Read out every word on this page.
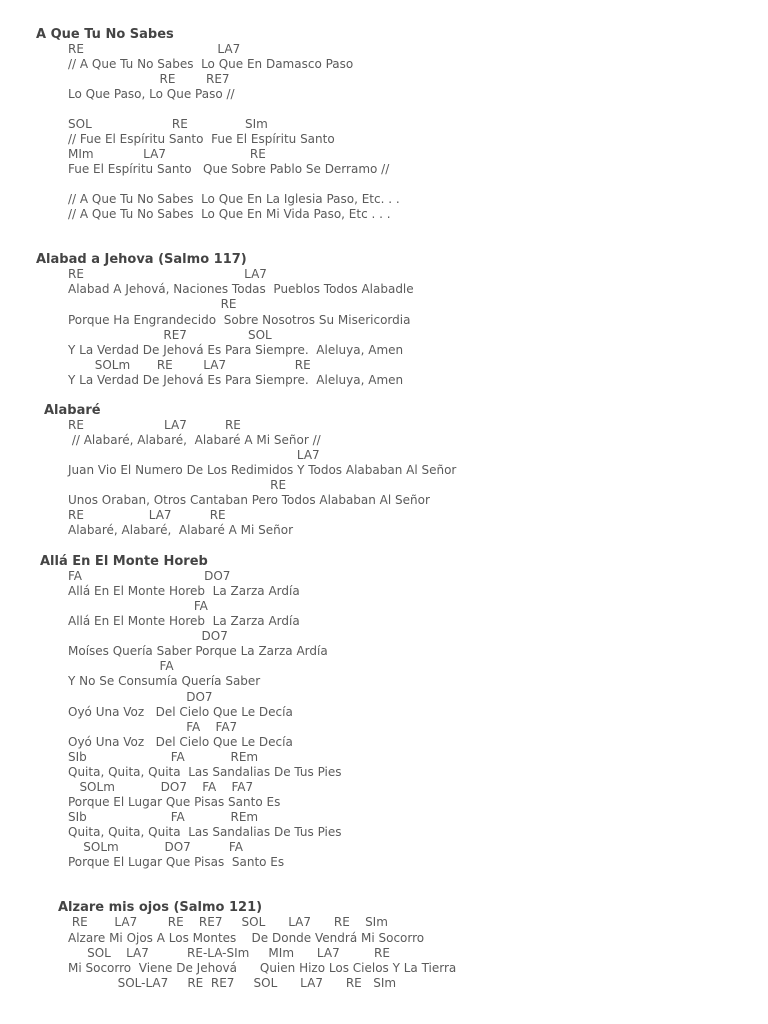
A Que Tu No Sabes
RE                                   LA7
// A Que Tu No Sabes  Lo Que En Damasco Paso
RE        RE7
Lo Que Paso, Lo Que Paso //
SOL                     RE               SIm
// Fue El Espíritu Santo  Fue El Espíritu Santo
MIm             LA7                      RE
Fue El Espíritu Santo   Que Sobre Pablo Se Derramo //
// A Que Tu No Sabes  Lo Que En La Iglesia Paso, Etc. . .
// A Que Tu No Sabes  Lo Que En Mi Vida Paso, Etc . . .
Alabad a Jehova (Salmo 117)
RE                                          LA7
Alabad A Jehová, Naciones Todas  Pueblos Todos Alabadle
RE
Porque Ha Engrandecido  Sobre Nosotros Su Misericordia
RE7                SOL
Y La Verdad De Jehová Es Para Siempre.  Aleluya, Amen
SOLm       RE        LA7                  RE
Y La Verdad De Jehová Es Para Siempre.  Aleluya, Amen
Alabaré
RE                     LA7          RE
// Alabaré, Alabaré,  Alabaré A Mi Señor //
LA7
Juan Vio El Numero De Los Redimidos Y Todos Alababan Al Señor
RE
Unos Oraban, Otros Cantaban Pero Todos Alababan Al Señor
RE                 LA7          RE
Alabaré, Alabaré,  Alabaré A Mi Señor
Allá En El Monte Horeb
FA                                DO7
Allá En El Monte Horeb  La Zarza Ardía
FA
Allá En El Monte Horeb  La Zarza Ardía
DO7
Moíses Quería Saber Porque La Zarza Ardía
FA
Y No Se Consumía Quería Saber
DO7
Oyó Una Voz   Del Cielo Que Le Decía
FA    FA7
Oyó Una Voz   Del Cielo Que Le Decía
SIb                      FA            REm
Quita, Quita, Quita  Las Sandalias De Tus Pies
SOLm            DO7    FA    FA7
Porque El Lugar Que Pisas Santo Es
SIb                      FA            REm
Quita, Quita, Quita  Las Sandalias De Tus Pies
SOLm            DO7          FA
Porque El Lugar Que Pisas  Santo Es
Alzare mis ojos (Salmo 121)
RE       LA7        RE    RE7     SOL      LA7      RE    SIm
Alzare Mi Ojos A Los Montes    De Donde Vendrá Mi Socorro
SOL    LA7          RE-LA-SIm     MIm      LA7         RE
Mi Socorro  Viene De Jehová      Quien Hizo Los Cielos Y La Tierra
SOL-LA7     RE  RE7     SOL      LA7      RE   SIm
